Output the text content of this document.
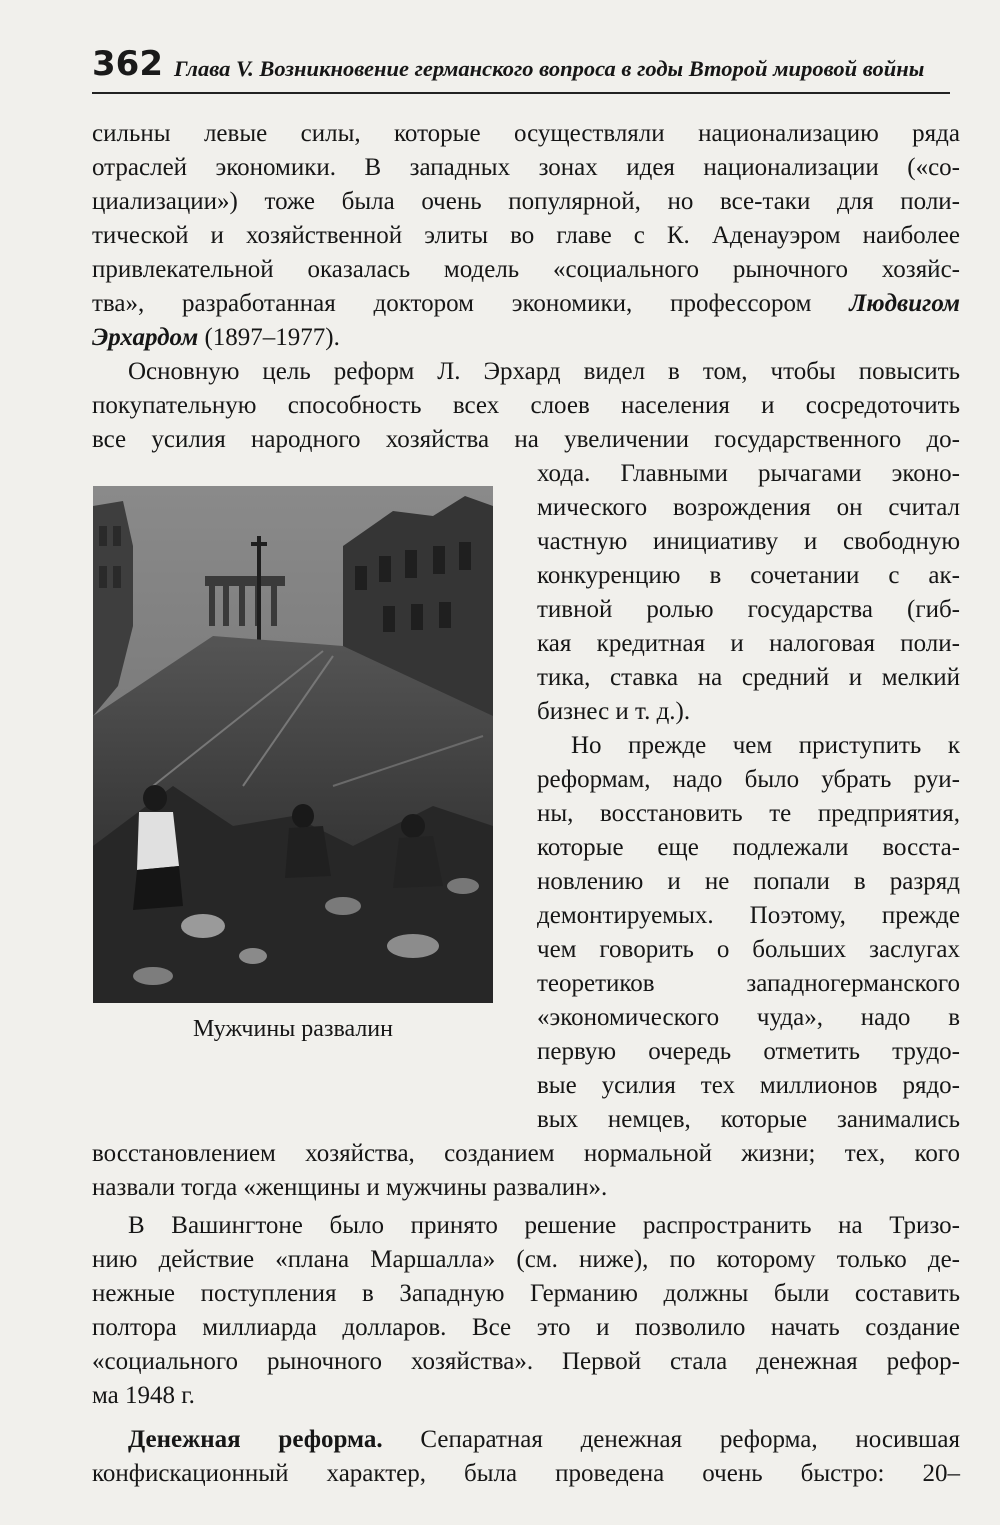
362 Глава V. Возникновение германского вопроса в годы Второй мировой войны
сильны левые силы, которые осуществляли национализацию ряда
отраслей экономики. В западных зонах идея национализации («со-
циализации») тоже была очень популярной, но все-таки для поли-
тической и хозяйственной элиты во главе с К. Аденауэром наиболее
привлекательной оказалась модель «социального рыночного хозяйс-
тва», разработанная доктором экономики, профессором Людвигом
Эрхардом (1897–1977).
Основную цель реформ Л. Эрхард видел в том, чтобы повысить
покупательную способность всех слоев населения и сосредоточить
все усилия народного хозяйства на увеличении государственного до-
хода. Главными рычагами эконо-
мического возрождения он считал
частную инициативу и свободную
конкуренцию в сочетании с ак-
тивной ролью государства (гиб-
кая кредитная и налоговая поли-
тика, ставка на средний и мелкий
бизнес и т. д.).
Но прежде чем приступить к
реформам, надо было убрать руи-
ны, восстановить те предприятия,
которые еще подлежали восста-
новлению и не попали в разряд
демонтируемых. Поэтому, прежде
чем говорить о больших заслугах
теоретиков западногерманского
«экономического чуда», надо в
первую очередь отметить трудо-
вые усилия тех миллионов рядо-
вых немцев, которые занимались
восстановлением хозяйства, созданием нормальной жизни; тех, кого
назвали тогда «женщины и мужчины развалин».
Мужчины развалин
В Вашингтоне было принято решение распространить на Тризо-
нию действие «плана Маршалла» (см. ниже), по которому только де-
нежные поступления в Западную Германию должны были составить
полтора миллиарда долларов. Все это и позволило начать создание
«социального рыночного хозяйства». Первой стала денежная рефор-
ма 1948 г.
Денежная реформа. Сепаратная денежная реформа, носившая
конфискационный характер, была проведена очень быстро: 20–
